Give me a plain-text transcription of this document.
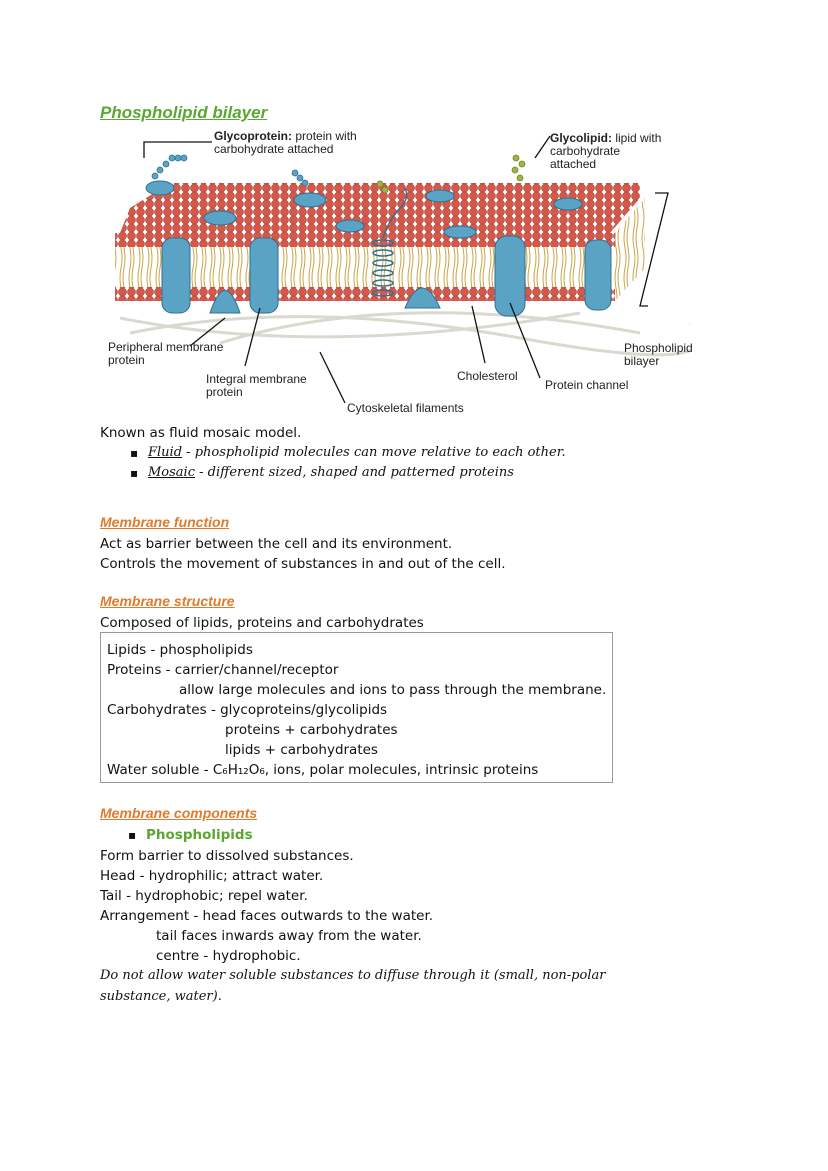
Phospholipid bilayer
Glycoprotein: protein with
carbohydrate attached
Glycolipid: lipid with
carbohydrate
attached
Peripheral membrane
protein
Integral membrane
protein
Cholesterol
Cytoskeletal filaments
Protein channel
Phospholipid
bilayer
Known as fluid mosaic model.
▪ Fluid - phospholipid molecules can move relative to each other.
▪ Mosaic - different sized, shaped and patterned proteins
Membrane function
Act as barrier between the cell and its environment.
Controls the movement of substances in and out of the cell.
Membrane structure
Composed of lipids, proteins and carbohydrates
Lipids - phospholipids
Proteins - carrier/channel/receptor
allow large molecules and ions to pass through the membrane.
Carbohydrates - glycoproteins/glycolipids
proteins + carbohydrates
lipids + carbohydrates
Water soluble - C₆H₁₂O₆, ions, polar molecules, intrinsic proteins
Membrane components
▪ Phospholipids
Form barrier to dissolved substances.
Head - hydrophilic; attract water.
Tail - hydrophobic; repel water.
Arrangement - head faces outwards to the water.
tail faces inwards away from the water.
centre - hydrophobic.
Do not allow water soluble substances to diffuse through it (small, non-polar
substance, water).
